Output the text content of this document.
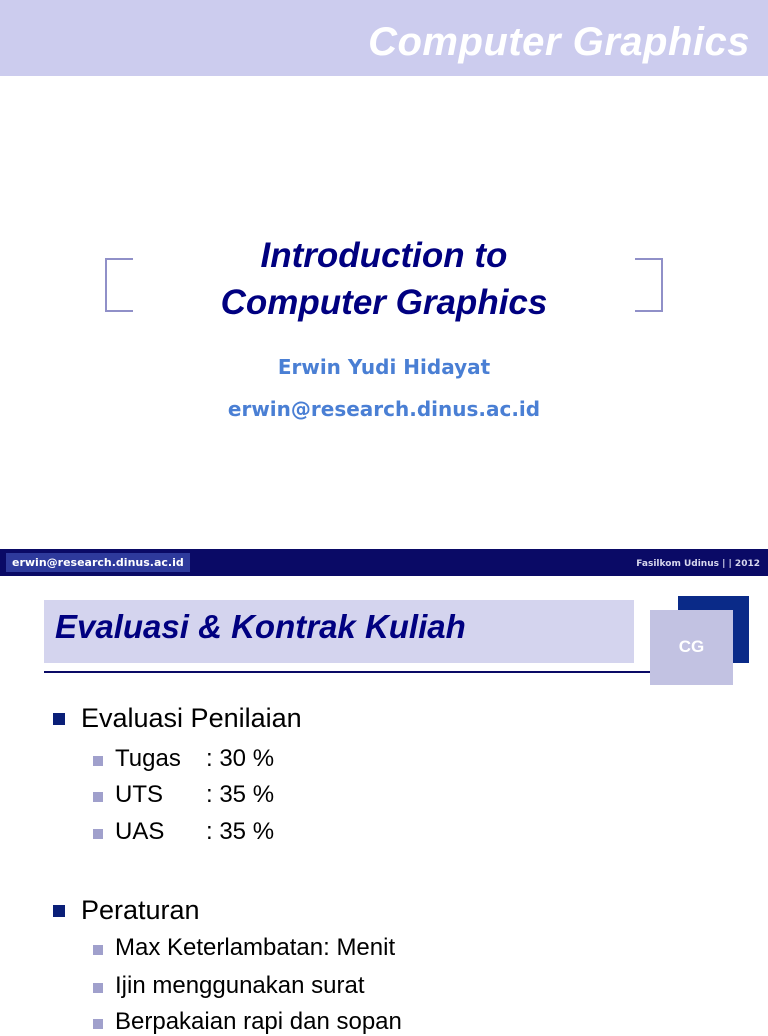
Computer Graphics
Introduction to
Computer Graphics
Erwin Yudi Hidayat
erwin@research.dinus.ac.id
erwin@research.dinus.ac.id	Fasilkom Udinus | | 2012
Evaluasi & Kontrak Kuliah
CG
Evaluasi Penilaian
Tugas : 30 %
UTS : 35 %
UAS : 35 %
Peraturan
Max Keterlambatan: Menit
Ijin menggunakan surat
Berpakaian rapi dan sopan
